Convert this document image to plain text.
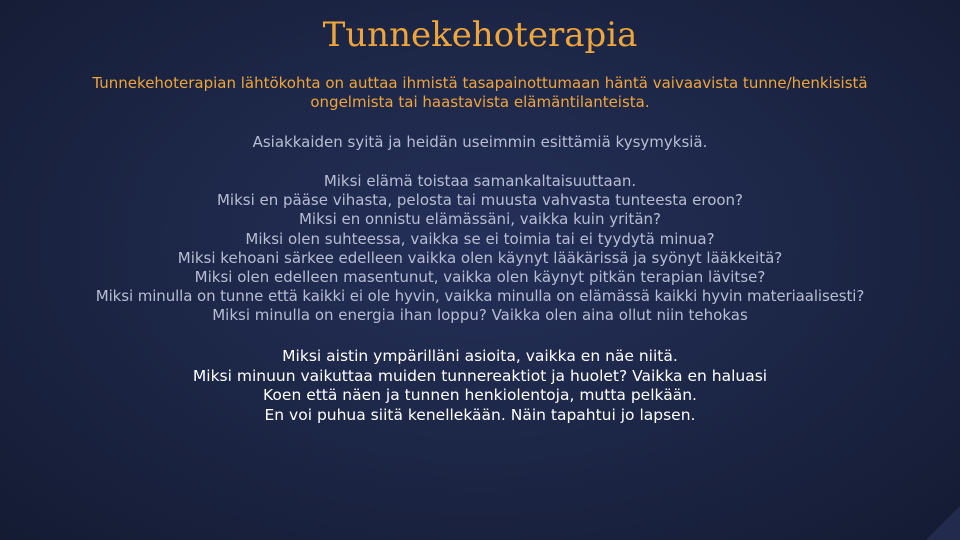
Tunnekehoterapia
Tunnekehoterapian lähtökohta on auttaa ihmistä tasapainottumaan häntä vaivaavista tunne/henkisistä
ongelmista tai haastavista elämäntilanteista.
Asiakkaiden syitä ja heidän useimmin esittämiä kysymyksiä.
Miksi elämä toistaa samankaltaisuuttaan.
Miksi en pääse vihasta, pelosta tai muusta vahvasta tunteesta eroon?
Miksi en onnistu elämässäni, vaikka kuin yritän?
Miksi olen suhteessa, vaikka se ei toimia tai ei tyydytä minua?
Miksi kehoani särkee edelleen vaikka olen käynyt lääkärissä ja syönyt lääkkeitä?
Miksi olen edelleen masentunut, vaikka olen käynyt pitkän terapian lävitse?
Miksi minulla on tunne että kaikki ei ole hyvin, vaikka minulla on elämässä kaikki hyvin materiaalisesti?
Miksi minulla on energia ihan loppu? Vaikka olen aina ollut niin tehokas
Miksi aistin ympärilläni asioita, vaikka en näe niitä.
Miksi minuun vaikuttaa muiden tunnereaktiot ja huolet? Vaikka en haluasi
Koen että näen ja tunnen henkiolentoja, mutta pelkään.
En voi puhua siitä kenellekään. Näin tapahtui jo lapsen.
